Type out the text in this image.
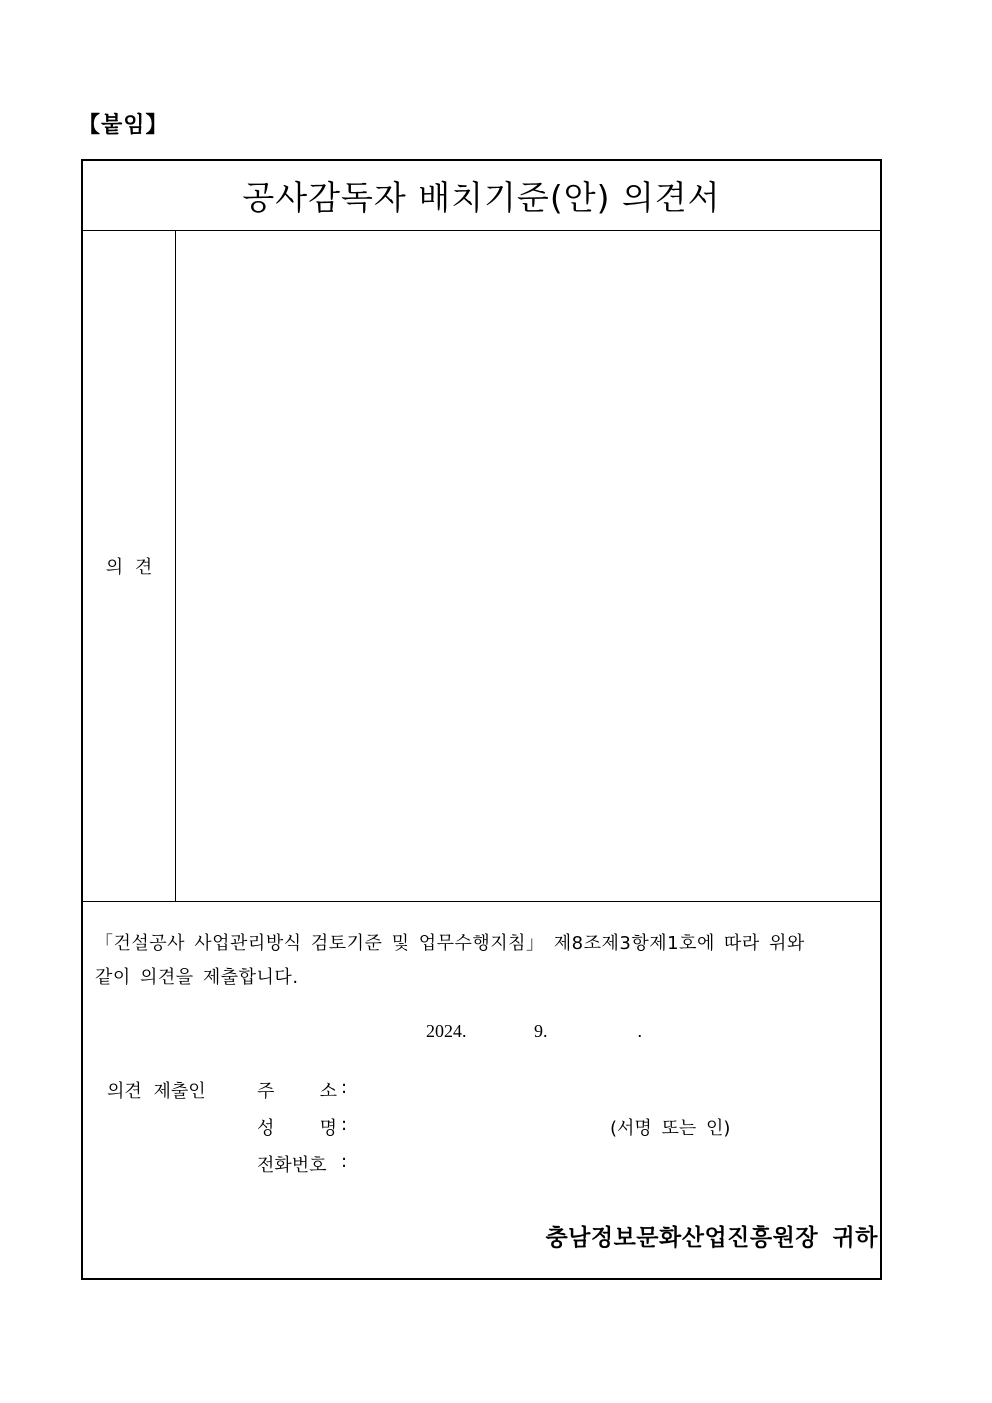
【붙임】
공사감독자 배치기준(안) 의견서
의 견
「건설공사 사업관리방식 검토기준 및 업무수행지침」 제8조제3항제1호에 따라 위와
같이 의견을 제출합니다.
2024.   9.    .
의견 제출인	주 소 :
성 명 :	(서명 또는 인)
전화번호 :
충남정보문화산업진흥원장 귀하
